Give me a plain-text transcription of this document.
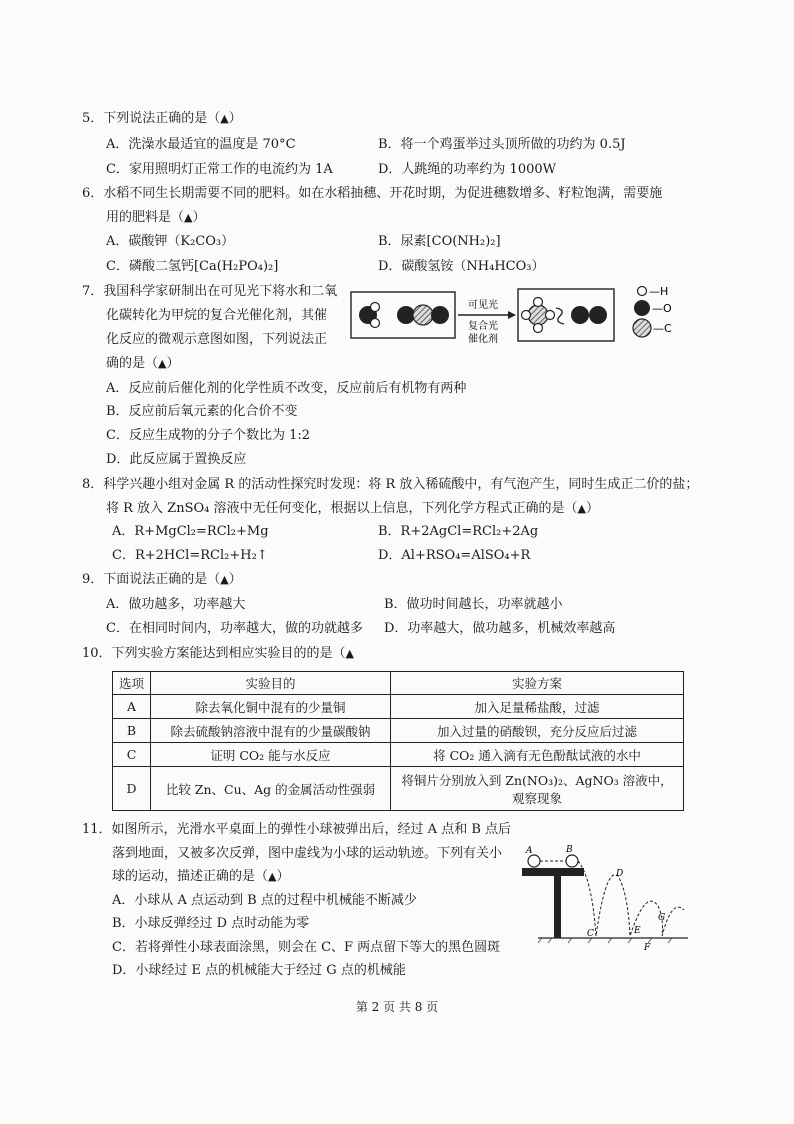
5．下列说法正确的是（▲）
A．洗澡水最适宜的温度是 70°C	B．将一个鸡蛋举过头顶所做的功约为 0.5J
C．家用照明灯正常工作的电流约为 1A	D．人跳绳的功率约为 1000W
6．水稻不同生长期需要不同的肥料。如在水稻抽穗、开花时期，为促进穗数增多、籽粒饱满，需要施
用的肥料是（▲）
A．碳酸钾（K₂CO₃）	B．尿素[CO(NH₂)₂]
C．磷酸二氢钙[Ca(H₂PO₄)₂]	D．碳酸氢铵（NH₄HCO₃）
7．我国科学家研制出在可见光下将水和二氧
化碳转化为甲烷的复合光催化剂，其催
化反应的微观示意图如图，下列说法正
确的是（▲）
A．反应前后催化剂的化学性质不改变，反应前后有机物有两种
B．反应前后氧元素的化合价不变
C．反应生成物的分子个数比为 1:2
D．此反应属于置换反应
可见光
复合光
催化剂
—H
—O
—C
8．科学兴趣小组对金属 R 的活动性探究时发现：将 R 放入稀硫酸中，有气泡产生，同时生成正二价的盐；
将 R 放入 ZnSO₄ 溶液中无任何变化，根据以上信息，下列化学方程式正确的是（▲）
A．R+MgCl₂=RCl₂+Mg	B．R+2AgCl=RCl₂+2Ag
C．R+2HCl=RCl₂+H₂↑	D．Al+RSO₄=AlSO₄+R
9．下面说法正确的是（▲）
A．做功越多，功率越大	B．做功时间越长，功率就越小
C．在相同时间内，功率越大，做的功就越多 D．功率越大，做功越多，机械效率越高
10．下列实验方案能达到相应实验目的的是（▲
选项	实验目的	实验方案
A	除去氧化铜中混有的少量铜	加入足量稀盐酸，过滤
B	除去硫酸钠溶液中混有的少量碳酸钠	加入过量的硝酸钡，充分反应后过滤
C	证明 CO₂ 能与水反应	将 CO₂ 通入滴有无色酚酞试液的水中
D	比较 Zn、Cu、Ag 的金属活动性强弱	将铜片分别放入到 Zn(NO₃)₂、AgNO₃ 溶液中，
观察现象
11．如图所示，光滑水平桌面上的弹性小球被弹出后，经过 A 点和 B 点后
落到地面，又被多次反弹，图中虚线为小球的运动轨迹。下列有关小
球的运动，描述正确的是（▲）
A．小球从 A 点运动到 B 点的过程中机械能不断减少
B．小球反弹经过 D 点时动能为零
C．若将弹性小球表面涂黑，则会在 C、F 两点留下等大的黑色圆斑
D．小球经过 E 点的机械能大于经过 G 点的机械能
A	B
C
D
E
F
G
第 2 页 共 8 页
